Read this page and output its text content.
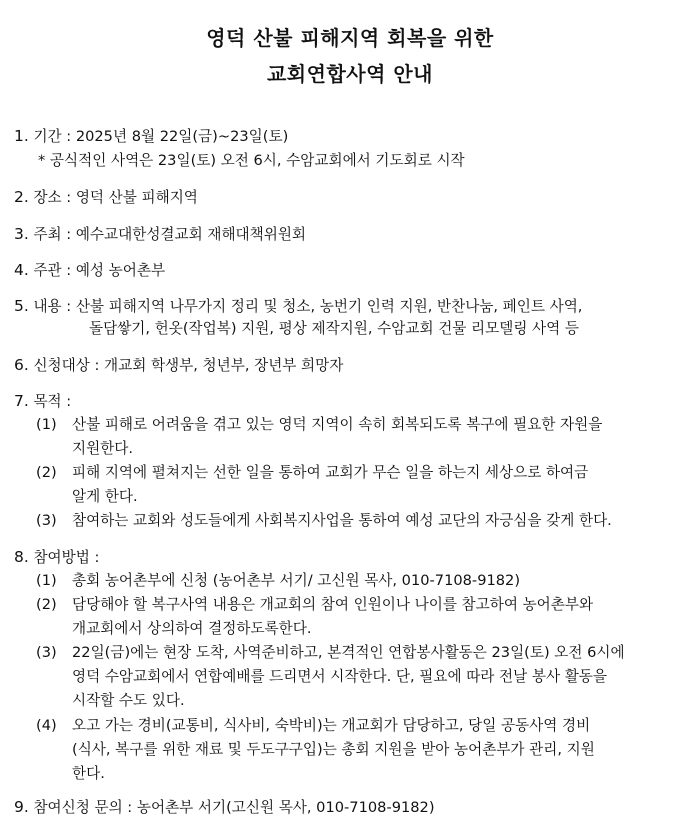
영덕 산불 피해지역 회복을 위한
교회연합사역 안내
1. 기간 : 2025년 8월 22일(금)~23일(토)
* 공식적인 사역은 23일(토) 오전 6시, 수암교회에서 기도회로 시작
2. 장소 : 영덕 산불 피해지역
3. 주최 : 예수교대한성결교회 재해대책위원회
4. 주관 : 예성 농어촌부
5. 내용 : 산불 피해지역 나무가지 정리 및 청소, 농번기 인력 지원, 반찬나눔, 페인트 사역,
돌담쌓기, 헌옷(작업복) 지원, 평상 제작지원, 수암교회 건물 리모델링 사역 등
6. 신청대상 : 개교회 학생부, 청년부, 장년부 희망자
7. 목적 :
(1) 산불 피해로 어려움을 겪고 있는 영덕 지역이 속히 회복되도록 복구에 필요한 자원을
지원한다.
(2) 피해 지역에 펼쳐지는 선한 일을 통하여 교회가 무슨 일을 하는지 세상으로 하여금
알게 한다.
(3) 참여하는 교회와 성도들에게 사회복지사업을 통하여 예성 교단의 자긍심을 갖게 한다.
8. 참여방법 :
(1) 총회 농어촌부에 신청 (농어촌부 서기/ 고신원 목사, 010-7108-9182)
(2) 담당해야 할 복구사역 내용은 개교회의 참여 인원이나 나이를 참고하여 농어촌부와
개교회에서 상의하여 결정하도록한다.
(3) 22일(금)에는 현장 도착, 사역준비하고, 본격적인 연합봉사활동은 23일(토) 오전 6시에
영덕 수암교회에서 연합예배를 드리면서 시작한다. 단, 필요에 따라 전날 봉사 활동을
시작할 수도 있다.
(4) 오고 가는 경비(교통비, 식사비, 숙박비)는 개교회가 담당하고, 당일 공동사역 경비
(식사, 복구를 위한 재료 및 두도구구입)는 총회 지원을 받아 농어촌부가 관리, 지원
한다.
9. 참여신청 문의 : 농어촌부 서기(고신원 목사, 010-7108-9182)
